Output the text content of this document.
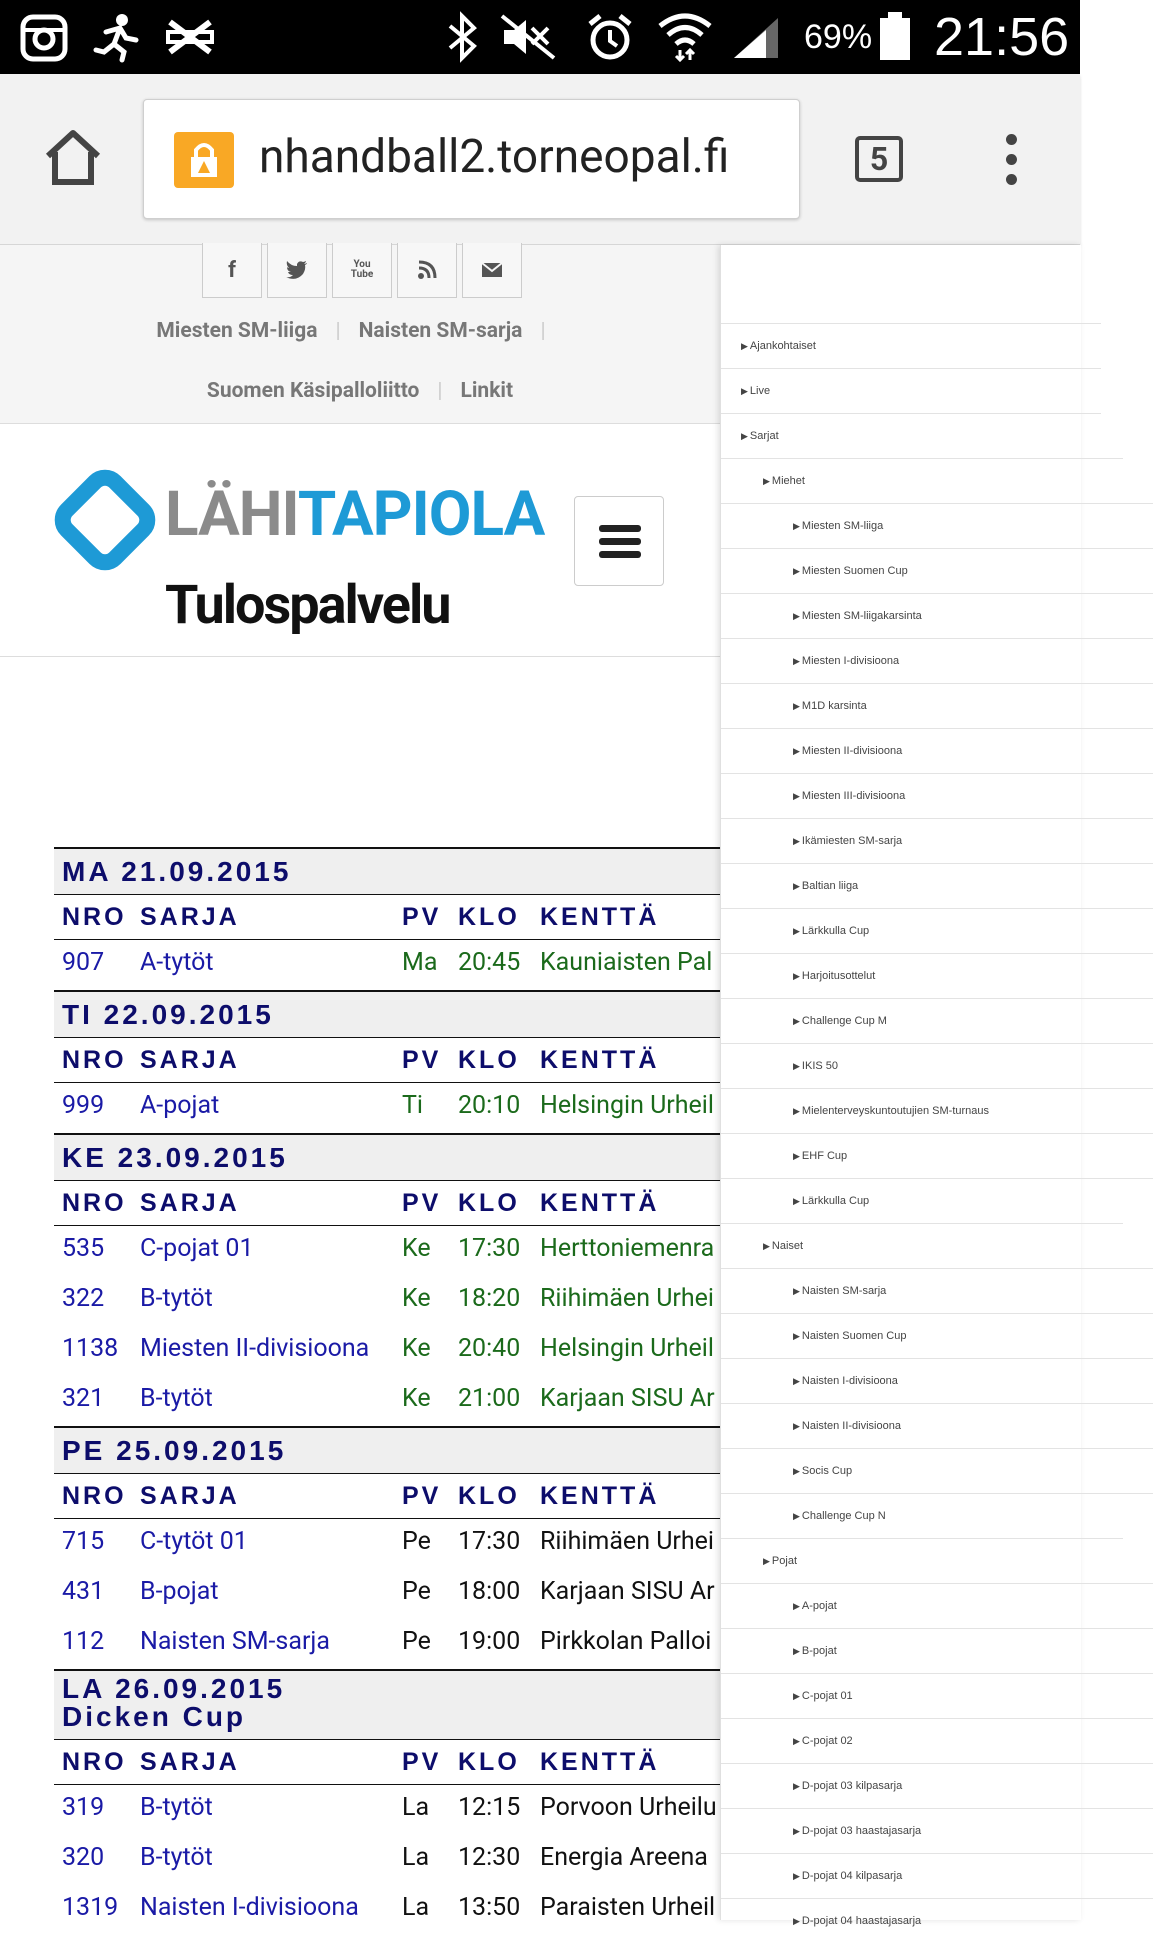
69% 21:56
nhandball2.torneopal.fi	5
f	You Tube
Miesten SM-liiga | Naisten SM-sarja |
Suomen Käsipalloliitto | Linkit
LÄHITAPIOLA
Tulospalvelu
MA 21.09.2015
NRO SARJA	PV KLO KENTTÄ
907 A-tytöt	Ma 20:45 Kauniaisten Pal
TI 22.09.2015
NRO SARJA	PV KLO KENTTÄ
999 A-pojat	Ti 20:10 Helsingin Urheil
KE 23.09.2015
NRO SARJA	PV KLO KENTTÄ
535 C-pojat 01	Ke 17:30 Herttoniemenra
322 B-tytöt	Ke 18:20 Riihimäen Urhei
1138 Miesten II-divisioona Ke 20:40 Helsingin Urheil
321 B-tytöt	Ke 21:00 Karjaan SISU Ar
PE 25.09.2015
NRO SARJA	PV KLO KENTTÄ
715 C-tytöt 01	Pe 17:30 Riihimäen Urhei
431 B-pojat	Pe 18:00 Karjaan SISU Ar
112 Naisten SM-sarja	Pe 19:00 Pirkkolan Palloi
LA 26.09.2015
Dicken Cup
NRO SARJA	PV KLO KENTTÄ
319 B-tytöt	La 12:15 Porvoon Urheilu
320 B-tytöt	La 12:30 Energia Areena
1319 Naisten I-divisioona La 13:50 Paraisten Urheil
▶ Ajankohtaiset
▶ Live
▶ Sarjat
▶ Miehet
▶ Miesten SM-liiga
▶ Miesten Suomen Cup
▶ Miesten SM-liigakarsinta
▶ Miesten I-divisioona
▶ M1D karsinta
▶ Miesten II-divisioona
▶ Miesten III-divisioona
▶ Ikämiesten SM-sarja
▶ Baltian liiga
▶ Lärkkulla Cup
▶ Harjoitusottelut
▶ Challenge Cup M
▶ IKIS 50
▶ Mielenterveyskuntoutujien SM-turnaus
▶ EHF Cup
▶ Lärkkulla Cup
▶ Naiset
▶ Naisten SM-sarja
▶ Naisten Suomen Cup
▶ Naisten I-divisioona
▶ Naisten II-divisioona
▶ Socis Cup
▶ Challenge Cup N
▶ Pojat
▶ A-pojat
▶ B-pojat
▶ C-pojat 01
▶ C-pojat 02
▶ D-pojat 03 kilpasarja
▶ D-pojat 03 haastajasarja
▶ D-pojat 04 kilpasarja
▶ D-pojat 04 haastajasarja
